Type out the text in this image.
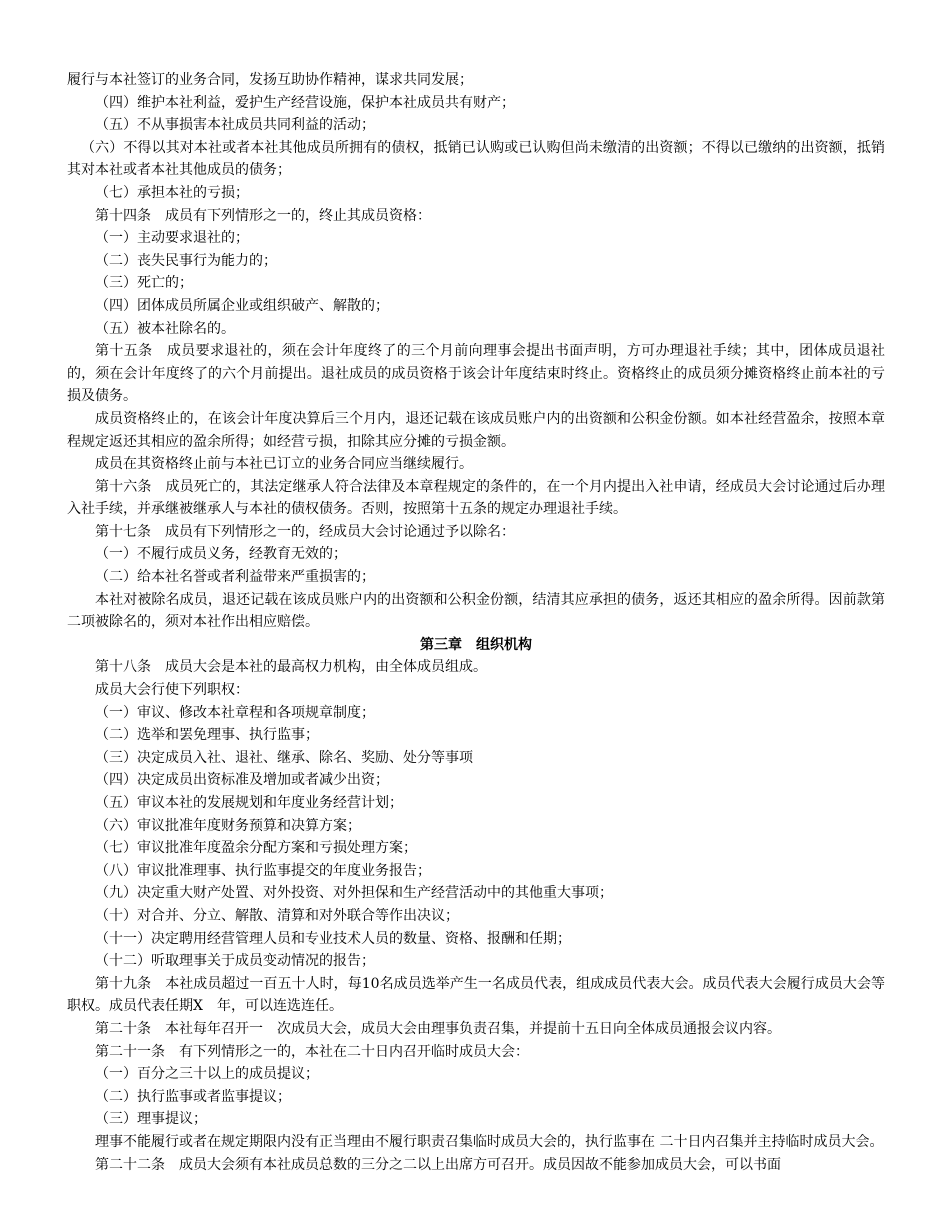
履行与本社签订的业务合同，发扬互助协作精神，谋求共同发展；

（四）维护本社利益，爱护生产经营设施，保护本社成员共有财产；

（五）不从事损害本社成员共同利益的活动；

（六）不得以其对本社或者本社其他成员所拥有的债权，抵销已认购或已认购但尚未缴清的出资额；不得以已缴纳的出资额，抵销其对本社或者本社其他成员的债务；

（七）承担本社的亏损；

第十四条　成员有下列情形之一的，终止其成员资格：

（一）主动要求退社的；

（二）丧失民事行为能力的；

（三）死亡的；

（四）团体成员所属企业或组织破产、解散的；

（五）被本社除名的。

第十五条　成员要求退社的，须在会计年度终了的三个月前向理事会提出书面声明，方可办理退社手续；其中，团体成员退社的，须在会计年度终了的六个月前提出。退社成员的成员资格于该会计年度结束时终止。资格终止的成员须分摊资格终止前本社的亏损及债务。

成员资格终止的，在该会计年度决算后三个月内，退还记载在该成员账户内的出资额和公积金份额。如本社经营盈余，按照本章程规定返还其相应的盈余所得；如经营亏损，扣除其应分摊的亏损金额。

成员在其资格终止前与本社已订立的业务合同应当继续履行。

第十六条　成员死亡的，其法定继承人符合法律及本章程规定的条件的，在一个月内提出入社申请，经成员大会讨论通过后办理入社手续，并承继被继承人与本社的债权债务。否则，按照第十五条的规定办理退社手续。

第十七条　成员有下列情形之一的，经成员大会讨论通过予以除名：

（一）不履行成员义务，经教育无效的；

（二）给本社名誉或者利益带来严重损害的；

本社对被除名成员，退还记载在该成员账户内的出资额和公积金份额，结清其应承担的债务，返还其相应的盈余所得。因前款第二项被除名的，须对本社作出相应赔偿。

第三章　组织机构

第十八条　成员大会是本社的最高权力机构，由全体成员组成。

成员大会行使下列职权：

（一）审议、修改本社章程和各项规章制度；

（二）选举和罢免理事、执行监事；

（三）决定成员入社、退社、继承、除名、奖励、处分等事项

（四）决定成员出资标准及增加或者减少出资；

（五）审议本社的发展规划和年度业务经营计划；

（六）审议批准年度财务预算和决算方案；

（七）审议批准年度盈余分配方案和亏损处理方案；

（八）审议批准理事、执行监事提交的年度业务报告；

（九）决定重大财产处置、对外投资、对外担保和生产经营活动中的其他重大事项；

（十）对合并、分立、解散、清算和对外联合等作出决议；

（十一）决定聘用经营管理人员和专业技术人员的数量、资格、报酬和任期；

（十二）听取理事关于成员变动情况的报告；

第十九条　本社成员超过一百五十人时，每10名成员选举产生一名成员代表，组成成员代表大会。成员代表大会履行成员大会等职权。成员代表任期X　年，可以连选连任。

第二十条　本社每年召开一　次成员大会，成员大会由理事负责召集，并提前十五日向全体成员通报会议内容。

第二十一条　有下列情形之一的，本社在二十日内召开临时成员大会：

（一）百分之三十以上的成员提议；

（二）执行监事或者监事提议；

（三）理事提议；

理事不能履行或者在规定期限内没有正当理由不履行职责召集临时成员大会的，执行监事在 二十日内召集并主持临时成员大会。

第二十二条　成员大会须有本社成员总数的三分之二以上出席方可召开。成员因故不能参加成员大会，可以书面
